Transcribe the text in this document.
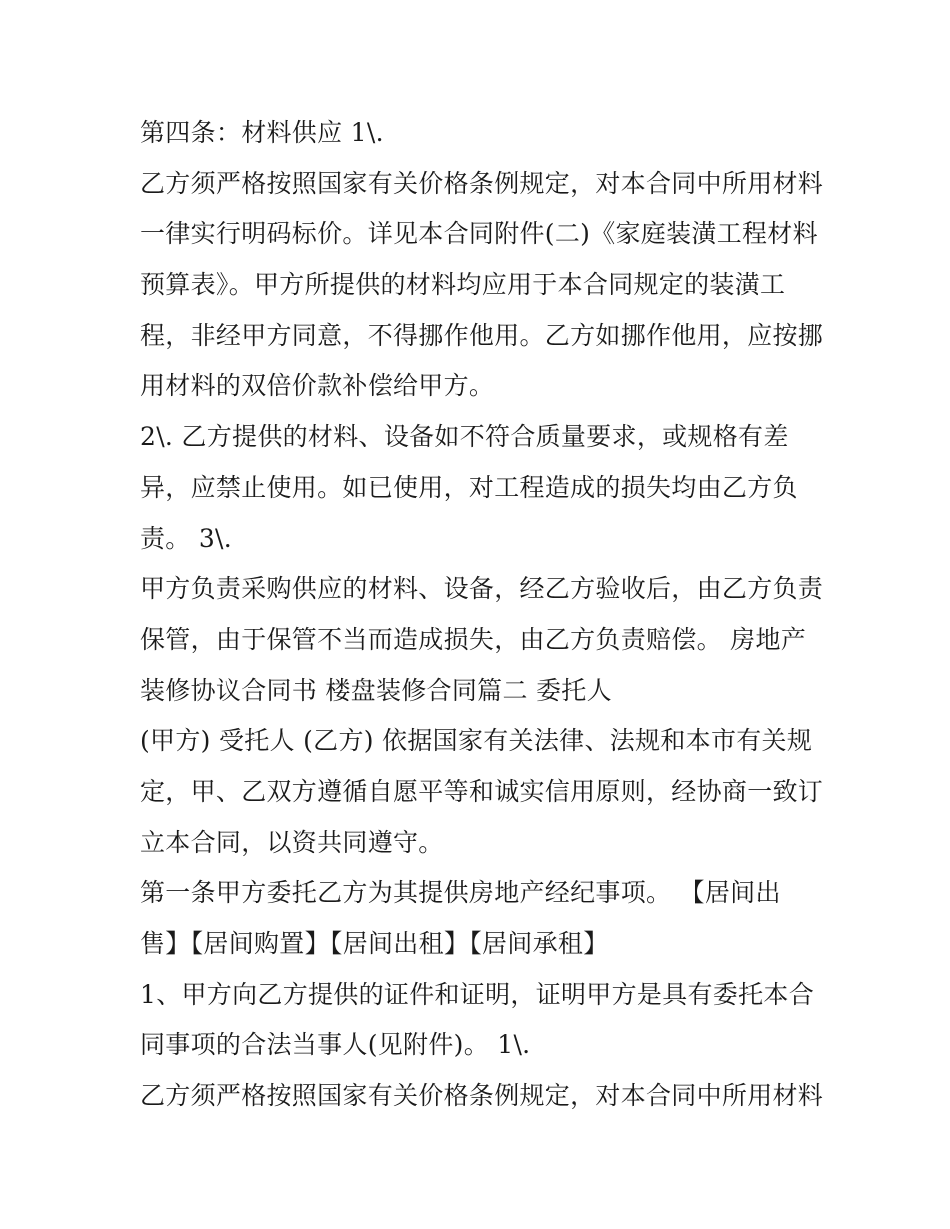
第四条：材料供应 1\.
乙方须严格按照国家有关价格条例规定，对本合同中所用材料
一律实行明码标价。详见本合同附件(二)《家庭装潢工程材料
预算表》。甲方所提供的材料均应用于本合同规定的装潢工
程，非经甲方同意，不得挪作他用。乙方如挪作他用，应按挪
用材料的双倍价款补偿给甲方。
2\. 乙方提供的材料、设备如不符合质量要求，或规格有差
异，应禁止使用。如已使用，对工程造成的损失均由乙方负
责。 3\.
甲方负责采购供应的材料、设备，经乙方验收后，由乙方负责
保管，由于保管不当而造成损失，由乙方负责赔偿。 房地产
装修协议合同书 楼盘装修合同篇二 委托人
(甲方) 受托人 (乙方) 依据国家有关法律、法规和本市有关规
定，甲、乙双方遵循自愿平等和诚实信用原则，经协商一致订
立本合同，以资共同遵守。
第一条甲方委托乙方为其提供房地产经纪事项。 【居间出
售】【居间购置】【居间出租】【居间承租】
1、甲方向乙方提供的证件和证明，证明甲方是具有委托本合
同事项的合法当事人(见附件)。 1\.
乙方须严格按照国家有关价格条例规定，对本合同中所用材料
